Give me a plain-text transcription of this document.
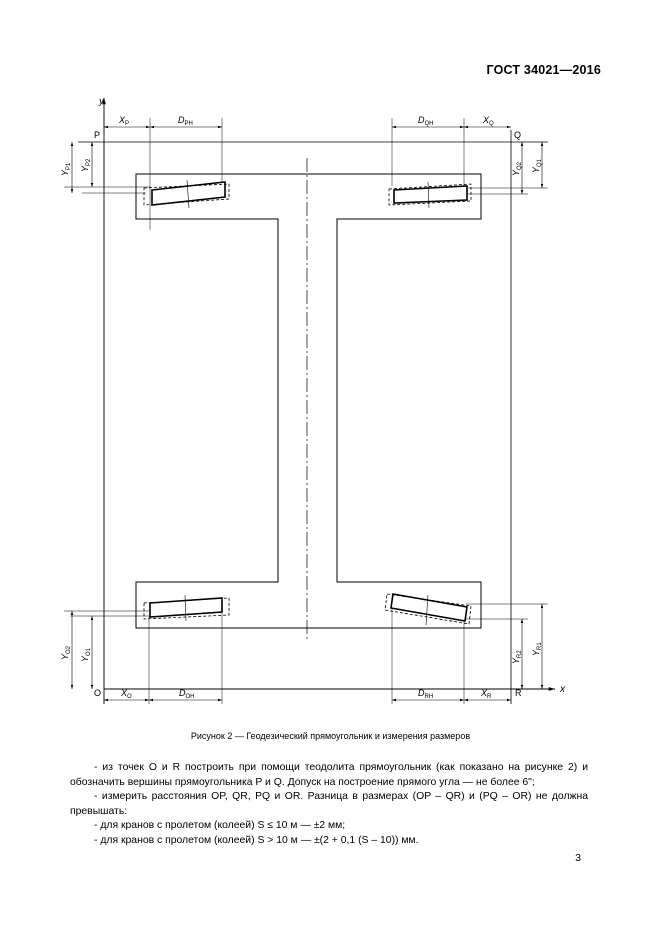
ГОСТ 34021—2016
y
x
P	Q
O	R
$X_P$	$D_{PH}$	$D_{QH}$	$X_Q$
$X_O$	$D_{OH}$	$D_{RH}$	$X_R$
$Y_{P1}$ $Y_{P2}$
$Y_{Q2}$
$Y_{Q1}$
$Y_{O2}$
$Y_{O1}$
$Y_{R2}$ $Y_{R1}$
Рисунок 2 — Геодезический прямоугольник и измерения размеров

- из точек O и R построить при помощи теодолита прямоугольник (как показано на рисунке 2) и обозначить вершины прямоугольника P и Q. Допуск на построение прямого угла — не более 6";

- измерить расстояния OP, QR, PQ и OR. Разница в размерах (OP – QR) и (PQ – OR) не должна превышать:

- для кранов с пролетом (колеей) S ≤ 10 м — ±2 мм;

- для кранов с пролетом (колеей) S > 10 м — ±(2 + 0,1 (S – 10)) мм.

3
